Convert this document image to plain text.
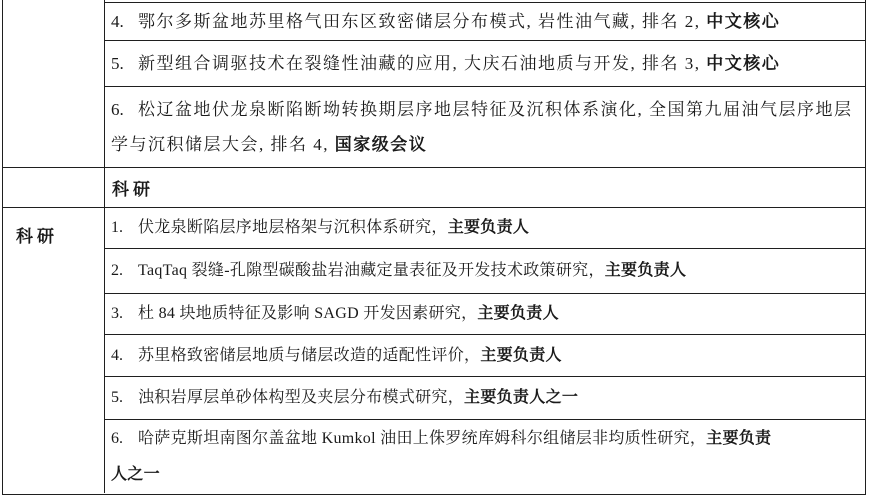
4. 鄂尔多斯盆地苏里格气田东区致密储层分布模式, 岩性油气藏, 排名 2, 中文核心

5. 新型组合调驱技术在裂缝性油藏的应用, 大庆石油地质与开发, 排名 3, 中文核心

6. 松辽盆地伏龙泉断陷断坳转换期层序地层特征及沉积体系演化, 全国第九届油气层序地层
学与沉积储层大会, 排名 4, 国家级会议

科研
科研	1. 伏龙泉断陷层序地层格架与沉积体系研究，主要负责人

2. TaqTaq 裂缝-孔隙型碳酸盐岩油藏定量表征及开发技术政策研究，主要负责人

3. 杜 84 块地质特征及影响 SAGD 开发因素研究，主要负责人

4. 苏里格致密储层地质与储层改造的适配性评价，主要负责人

5. 浊积岩厚层单砂体构型及夹层分布模式研究，主要负责人之一

6. 哈萨克斯坦南图尔盖盆地 Kumkol 油田上侏罗统库姆科尔组储层非均质性研究，主要负责
人之一
